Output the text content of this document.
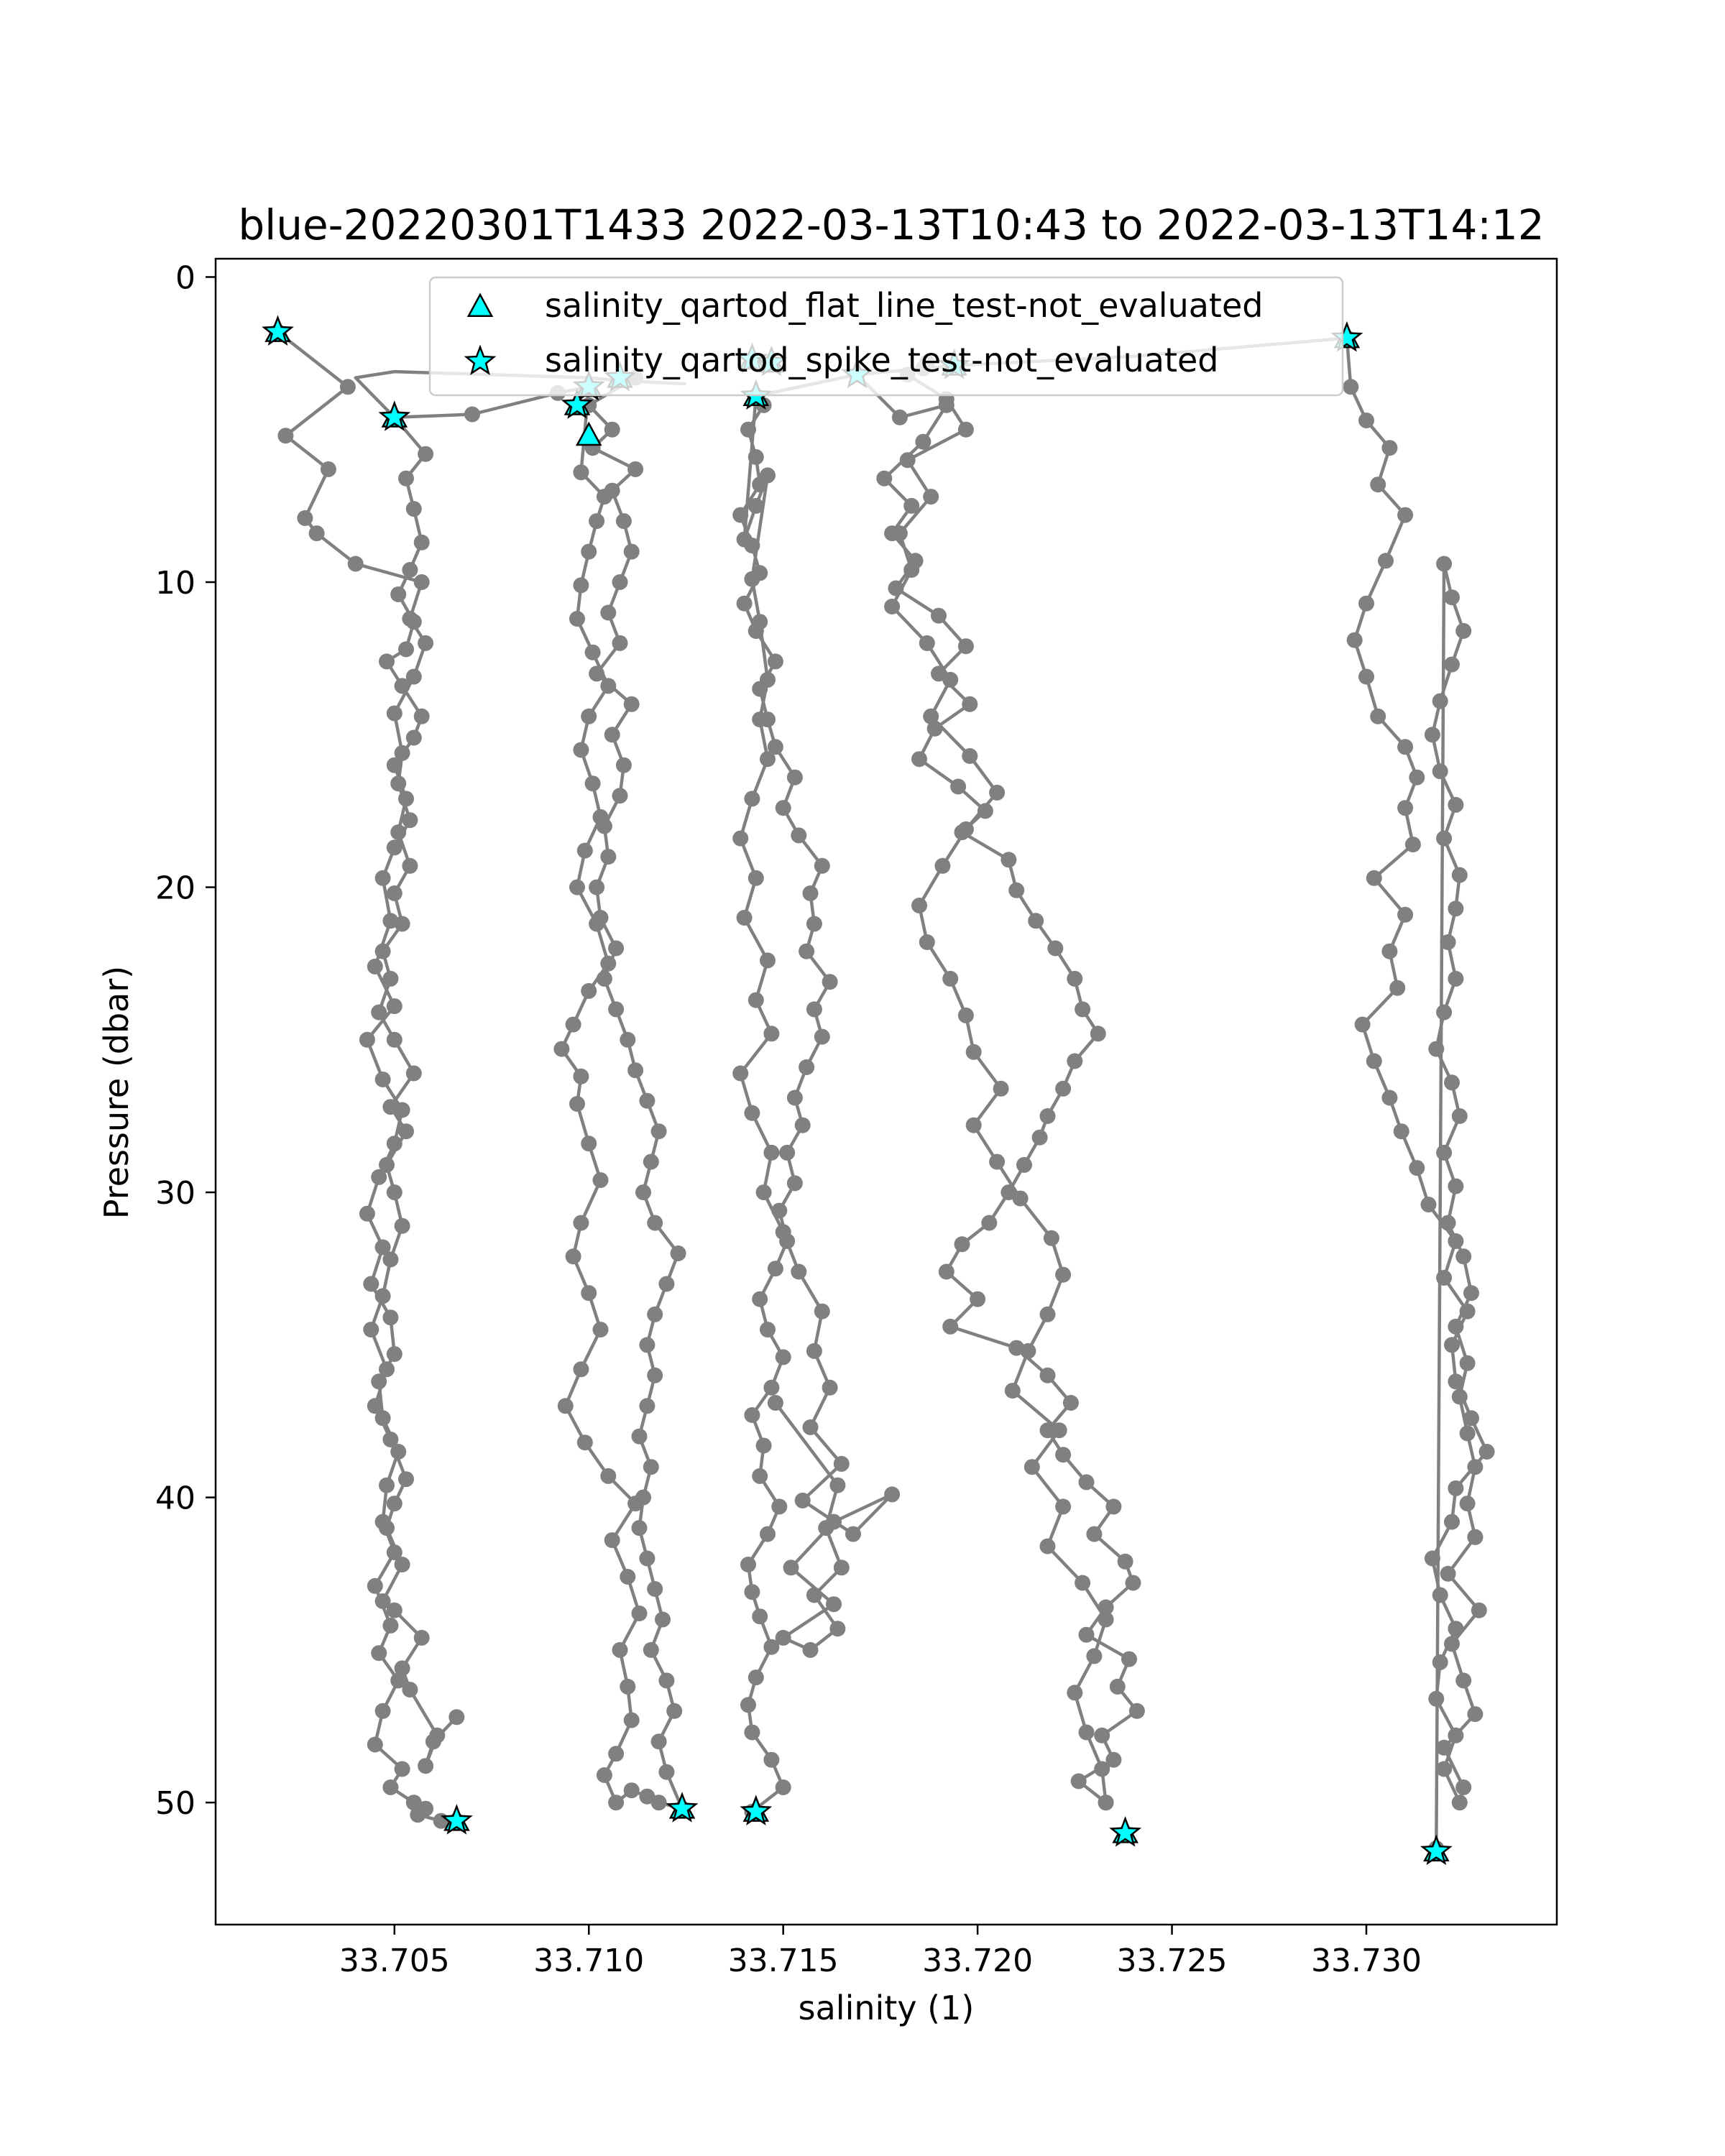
blue-20220301T1433 2022-03-13T10:43 to 2022-03-13T14:12
33.705	33.710	33.715	33.720	33.725	33.730
0
10
20
30
40
50
salinity (1)
Pressure (dbar)
salinity_qartod_flat_line_test-not_evaluated
salinity_qartod_spike_test-not_evaluated
